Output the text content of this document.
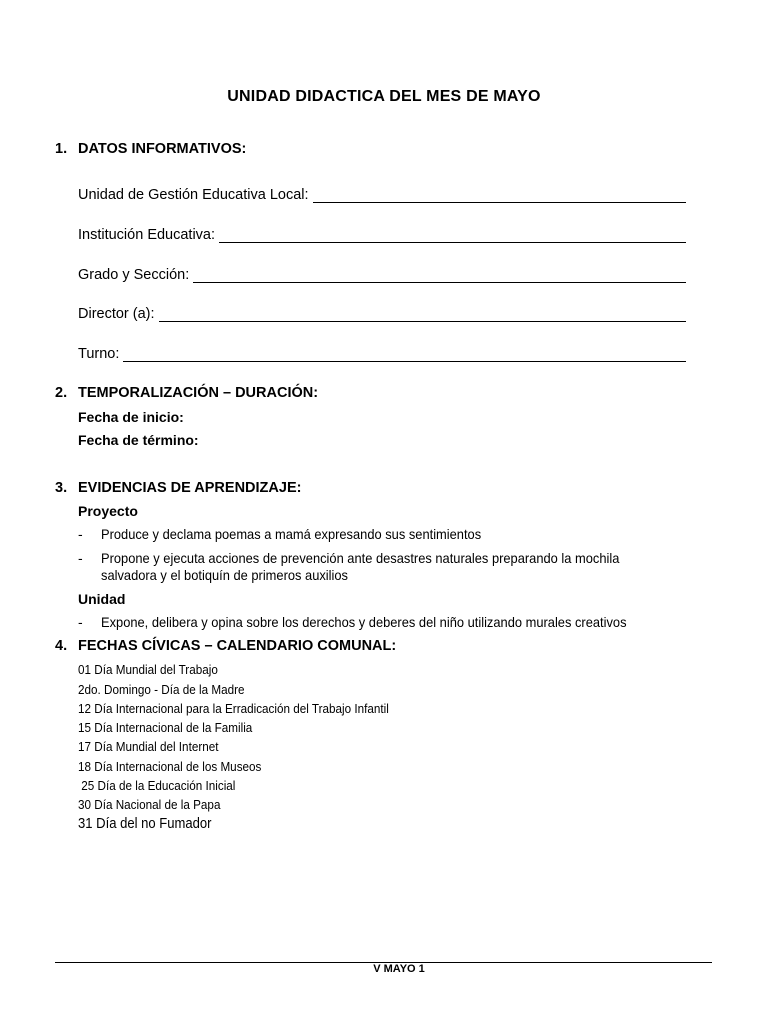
UNIDAD DIDACTICA DEL MES DE MAYO
1. DATOS INFORMATIVOS:
Unidad de Gestión Educativa Local:
Institución Educativa:
Grado y Sección:
Director (a):
Turno:
2. TEMPORALIZACIÓN – DURACIÓN:
Fecha de inicio:
Fecha de término:
3. EVIDENCIAS DE APRENDIZAJE:
Proyecto
-	Produce y declama poemas a mamá expresando sus sentimientos
-	Propone y ejecuta acciones de prevención ante desastres naturales preparando la mochila salvadora y el botiquín de primeros auxilios
Unidad
-	Expone, delibera y opina sobre los derechos y deberes del niño utilizando murales creativos
4. FECHAS CÍVICAS – CALENDARIO COMUNAL:
01 Día Mundial del Trabajo
2do. Domingo - Día de la Madre
12 Día Internacional para la Erradicación del Trabajo Infantil
15 Día Internacional de la Familia
17 Día Mundial del Internet
18 Día Internacional de los Museos
25 Día de la Educación Inicial
30 Día Nacional de la Papa
31 Día del no Fumador
V MAYO 1
